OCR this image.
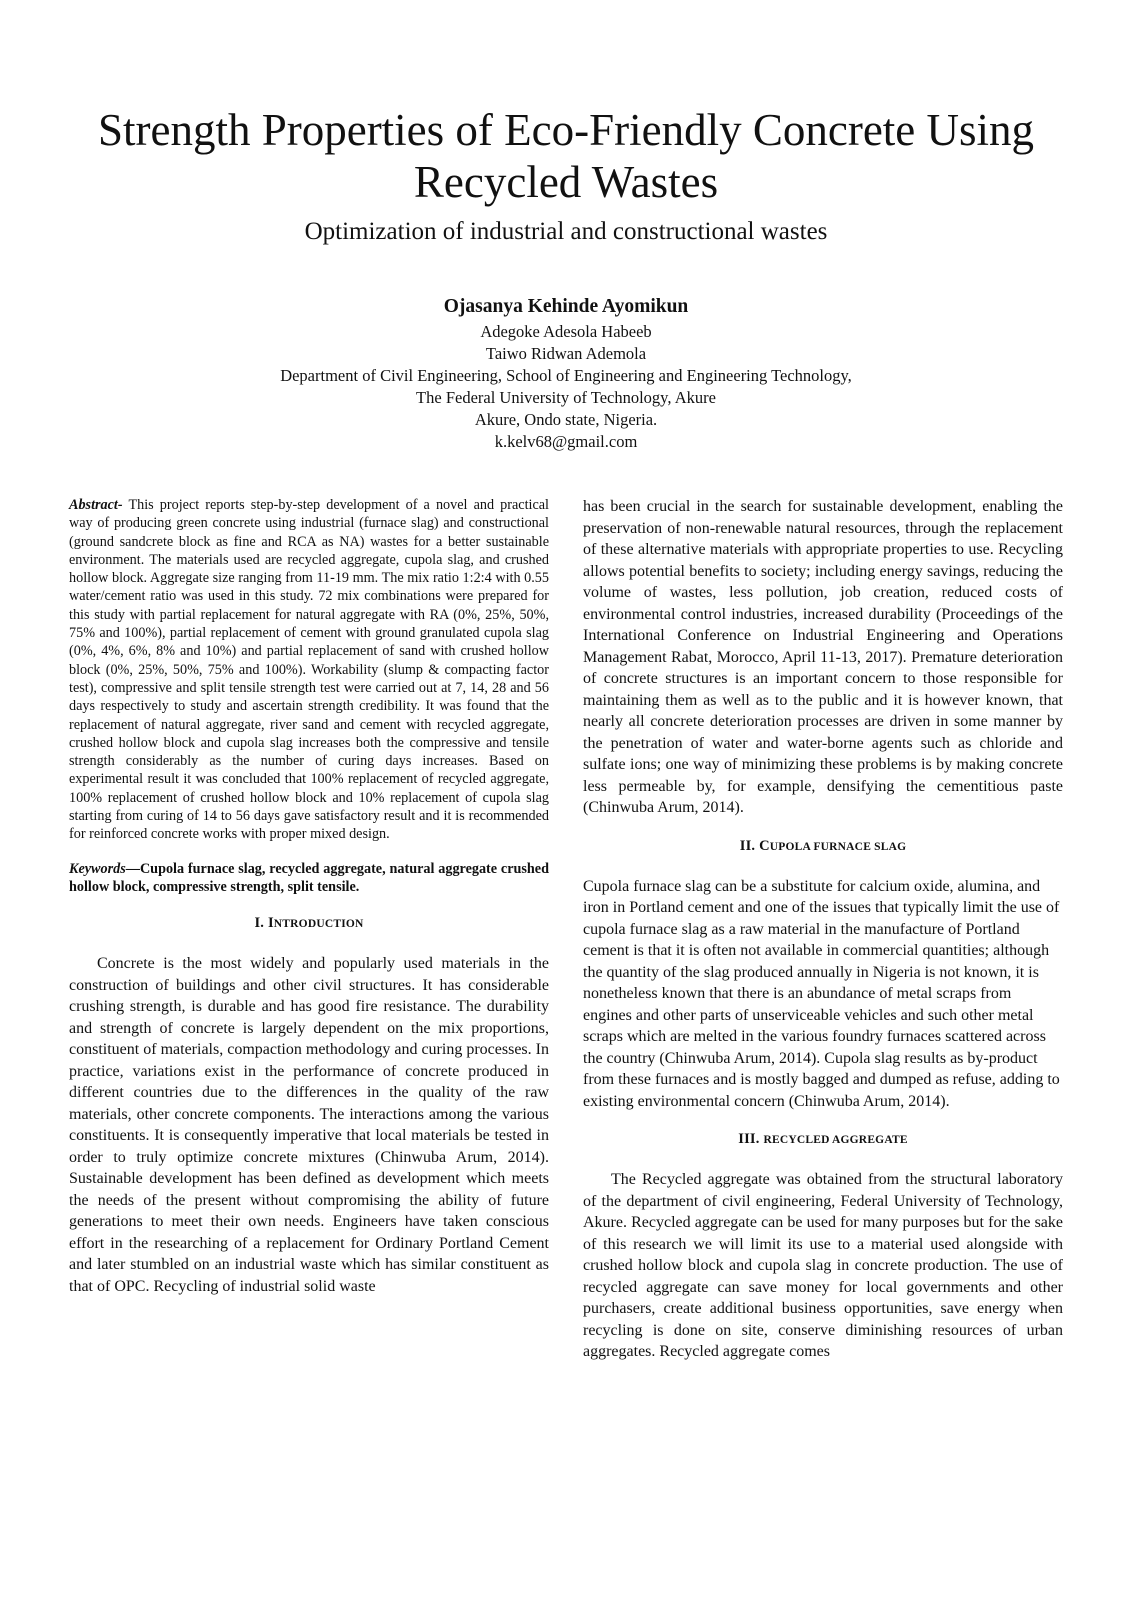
Strength Properties of Eco-Friendly Concrete Using Recycled Wastes
Optimization of industrial and constructional wastes
Ojasanya Kehinde Ayomikun
Adegoke Adesola Habeeb
Taiwo Ridwan Ademola
Department of Civil Engineering, School of Engineering and Engineering Technology,
The Federal University of Technology, Akure
Akure, Ondo state, Nigeria.
k.kelv68@gmail.com

Abstract- This project reports step-by-step development of a novel and practical way of producing green concrete using industrial (furnace slag) and constructional (ground sandcrete block as fine and RCA as NA) wastes for a better sustainable environment. The materials used are recycled aggregate, cupola slag, and crushed hollow block. Aggregate size ranging from 11-19 mm. The mix ratio 1:2:4 with 0.55 water/cement ratio was used in this study. 72 mix combinations were prepared for this study with partial replacement for natural aggregate with RA (0%, 25%, 50%, 75% and 100%), partial replacement of cement with ground granulated cupola slag (0%, 4%, 6%, 8% and 10%) and partial replacement of sand with crushed hollow block (0%, 25%, 50%, 75% and 100%). Workability (slump & compacting factor test), compressive and split tensile strength test were carried out at 7, 14, 28 and 56 days respectively to study and ascertain strength credibility. It was found that the replacement of natural aggregate, river sand and cement with recycled aggregate, crushed hollow block and cupola slag increases both the compressive and tensile strength considerably as the number of curing days increases. Based on experimental result it was concluded that 100% replacement of recycled aggregate, 100% replacement of crushed hollow block and 10% replacement of cupola slag starting from curing of 14 to 56 days gave satisfactory result and it is recommended for reinforced concrete works with proper mixed design.

Keywords—Cupola furnace slag, recycled aggregate, natural aggregate crushed hollow block, compressive strength, split tensile.

I. INTRODUCTION

Concrete is the most widely and popularly used materials in the construction of buildings and other civil structures. It has considerable crushing strength, is durable and has good fire resistance. The durability and strength of concrete is largely dependent on the mix proportions, constituent of materials, compaction methodology and curing processes. In practice, variations exist in the performance of concrete produced in different countries due to the differences in the quality of the raw materials, other concrete components. The interactions among the various constituents. It is consequently imperative that local materials be tested in order to truly optimize concrete mixtures (Chinwuba Arum, 2014). Sustainable development has been defined as development which meets the needs of the present without compromising the ability of future generations to meet their own needs. Engineers have taken conscious effort in the researching of a replacement for Ordinary Portland Cement and later stumbled on an industrial waste which has similar constituent as that of OPC. Recycling of industrial solid waste

has been crucial in the search for sustainable development, enabling the preservation of non-renewable natural resources, through the replacement of these alternative materials with appropriate properties to use. Recycling allows potential benefits to society; including energy savings, reducing the volume of wastes, less pollution, job creation, reduced costs of environmental control industries, increased durability (Proceedings of the International Conference on Industrial Engineering and Operations Management Rabat, Morocco, April 11-13, 2017). Premature deterioration of concrete structures is an important concern to those responsible for maintaining them as well as to the public and it is however known, that nearly all concrete deterioration processes are driven in some manner by the penetration of water and water-borne agents such as chloride and sulfate ions; one way of minimizing these problems is by making concrete less permeable by, for example, densifying the cementitious paste (Chinwuba Arum, 2014).

II. CUPOLA FURNACE SLAG

Cupola furnace slag can be a substitute for calcium oxide, alumina, and iron in Portland cement and one of the issues that typically limit the use of cupola furnace slag as a raw material in the manufacture of Portland cement is that it is often not available in commercial quantities; although the quantity of the slag produced annually in Nigeria is not known, it is nonetheless known that there is an abundance of metal scraps from engines and other parts of unserviceable vehicles and such other metal scraps which are melted in the various foundry furnaces scattered across the country (Chinwuba Arum, 2014). Cupola slag results as by-product from these furnaces and is mostly bagged and dumped as refuse, adding to existing environmental concern (Chinwuba Arum, 2014).

III. RECYCLED AGGREGATE

The Recycled aggregate was obtained from the structural laboratory of the department of civil engineering, Federal University of Technology, Akure. Recycled aggregate can be used for many purposes but for the sake of this research we will limit its use to a material used alongside with crushed hollow block and cupola slag in concrete production. The use of recycled aggregate can save money for local governments and other purchasers, create additional business opportunities, save energy when recycling is done on site, conserve diminishing resources of urban aggregates. Recycled aggregate comes
